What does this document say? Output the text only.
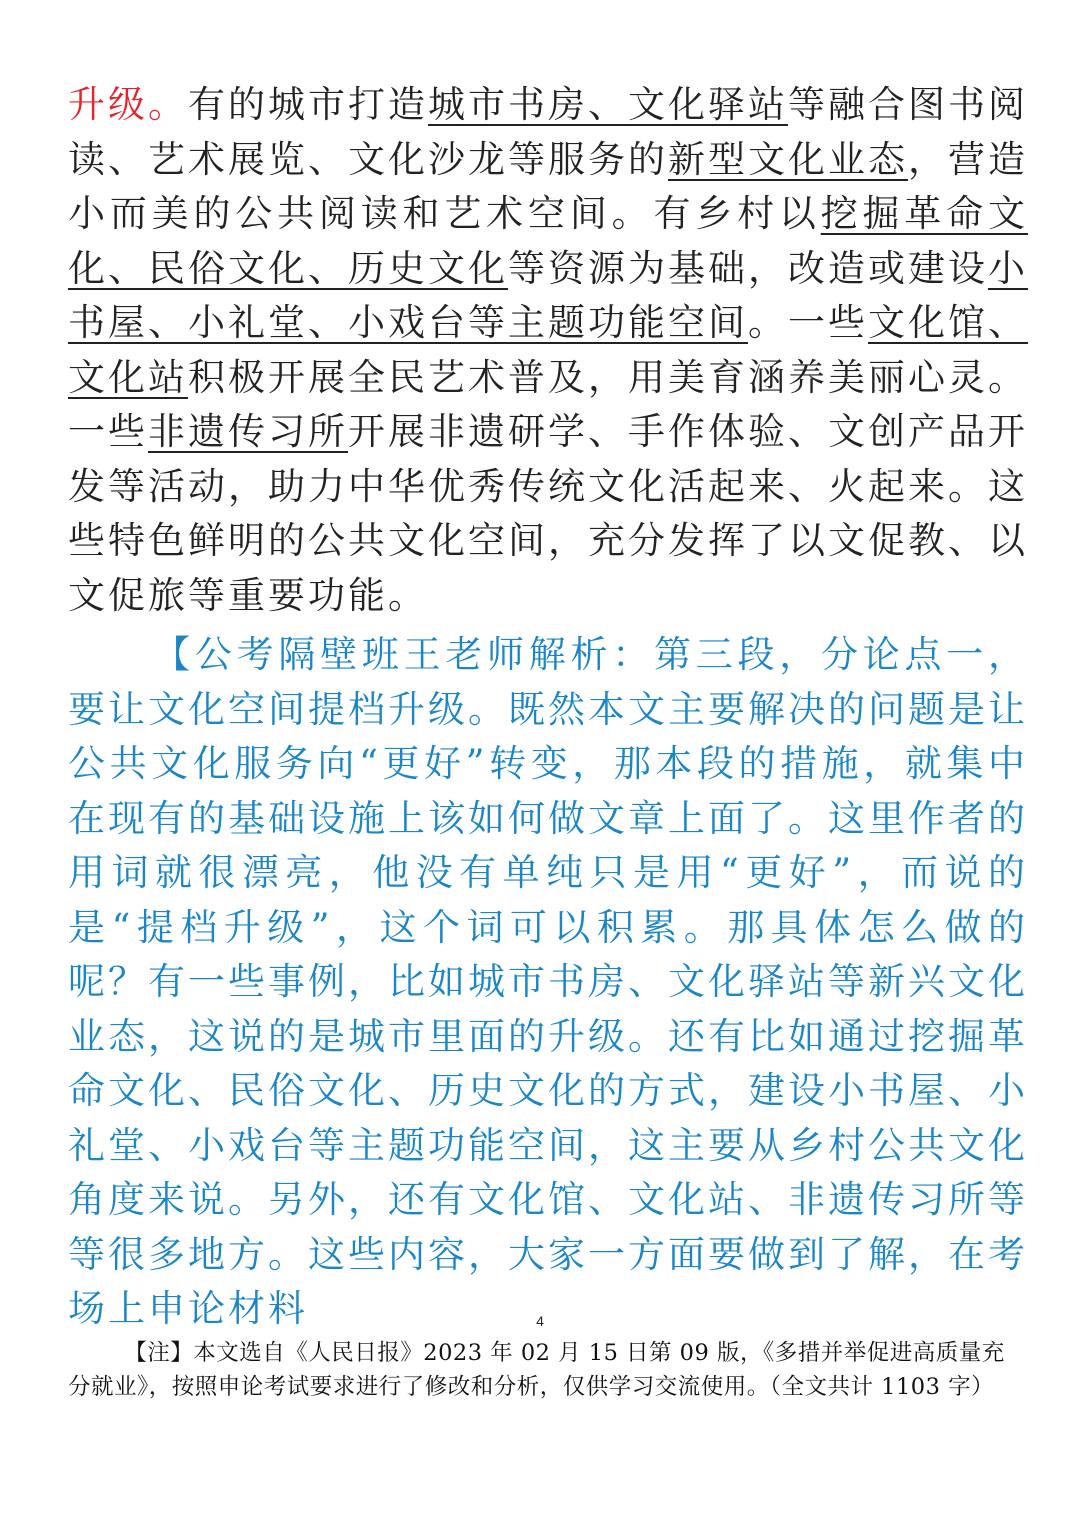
升级。有的城市打造城市书房、文化驿站等融合图书阅读、艺术展览、文化沙龙等服务的新型文化业态，营造小而美的公共阅读和艺术空间。有乡村以挖掘革命文化、民俗文化、历史文化等资源为基础，改造或建设小书屋、小礼堂、小戏台等主题功能空间。一些文化馆、文化站积极开展全民艺术普及，用美育涵养美丽心灵。一些非遗传习所开展非遗研学、手作体验、文创产品开发等活动，助力中华优秀传统文化活起来、火起来。这些特色鲜明的公共文化空间，充分发挥了以文促教、以文促旅等重要功能。

【公考隔壁班王老师解析：第三段，分论点一，要让文化空间提档升级。既然本文主要解决的问题是让公共文化服务向“更好”转变，那本段的措施，就集中在现有的基础设施上该如何做文章上面了。这里作者的用词就很漂亮，他没有单纯只是用“更好”，而说的是“提档升级”，这个词可以积累。那具体怎么做的呢？有一些事例，比如城市书房、文化驿站等新兴文化业态，这说的是城市里面的升级。还有比如通过挖掘革命文化、民俗文化、历史文化的方式，建设小书屋、小礼堂、小戏台等主题功能空间，这主要从乡村公共文化角度来说。另外，还有文化馆、文化站、非遗传习所等等很多地方。这些内容，大家一方面要做到了解，在考场上申论材料	4

【注】本文选自《人民日报》2023 年 02 月 15 日第 09 版，《多措并举促进高质量充分就业》，按照申论考试要求进行了修改和分析，仅供学习交流使用。（全文共计 1103 字）
